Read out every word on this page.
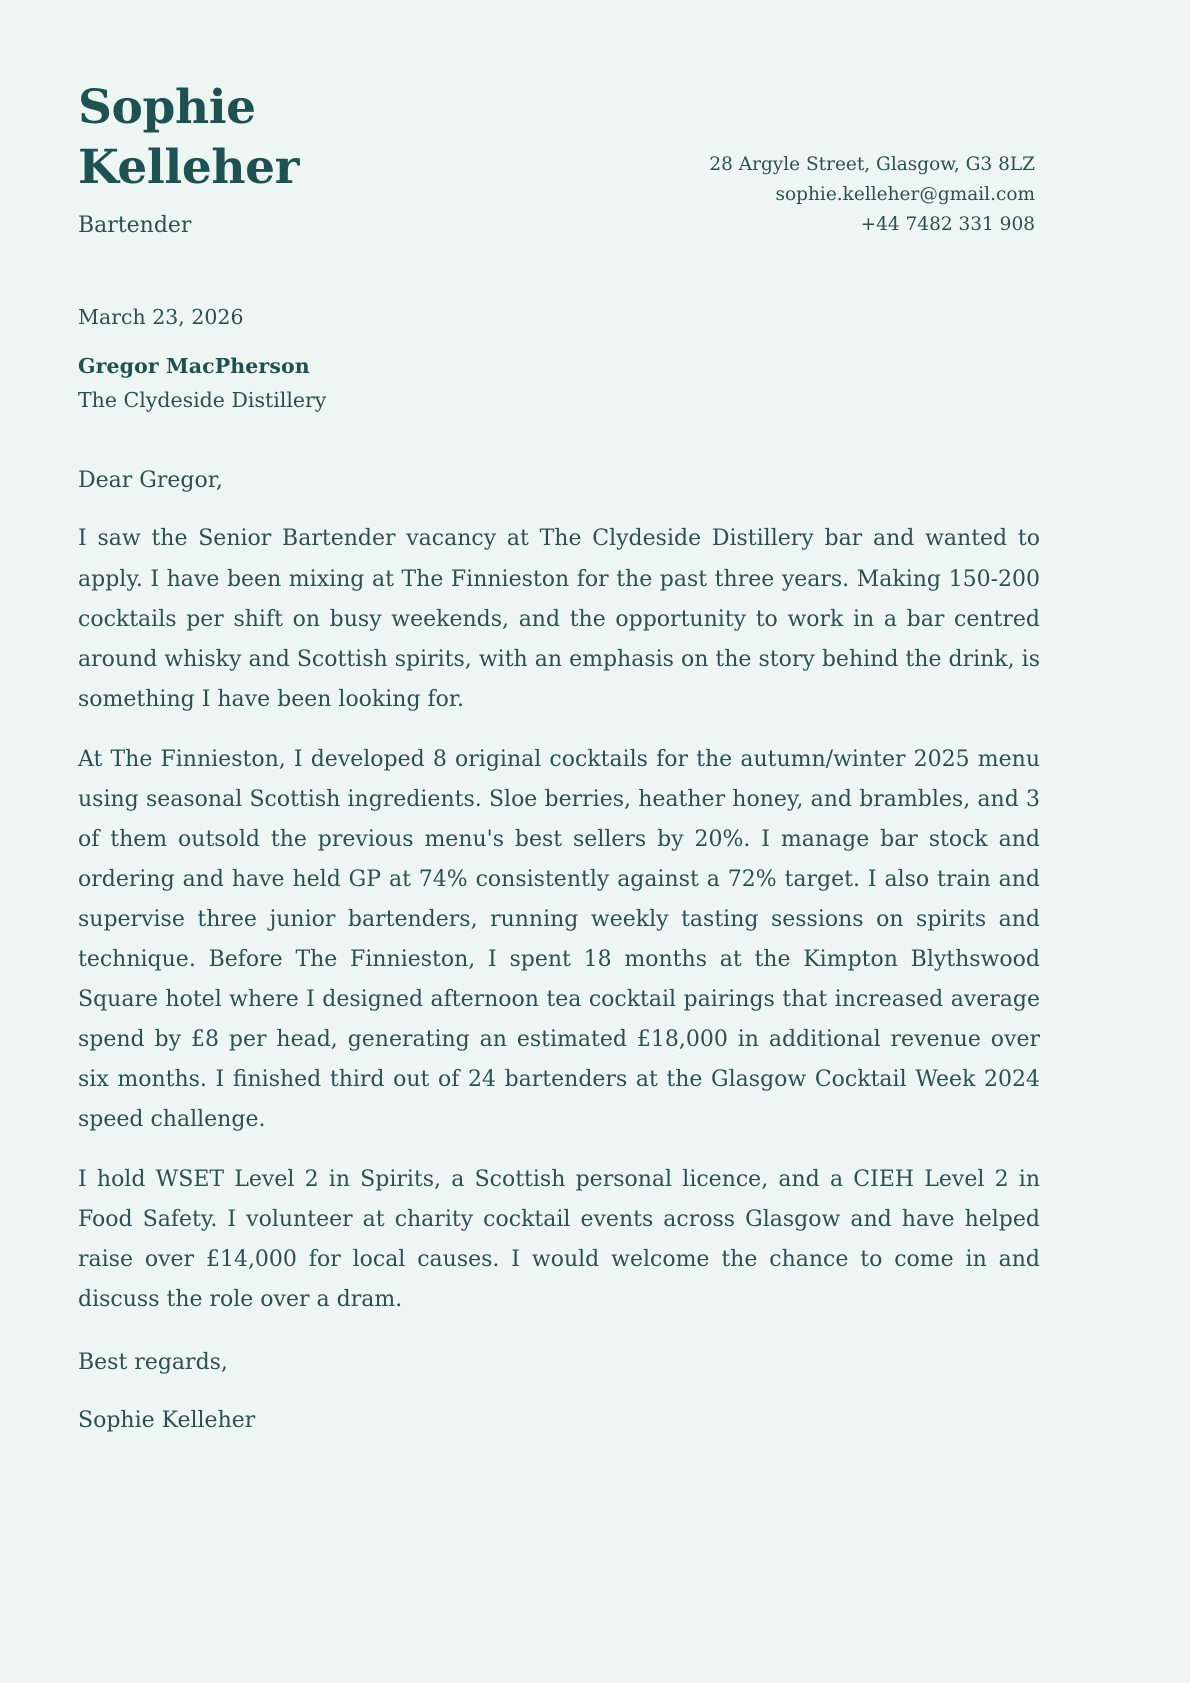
Sophie
Kelleher
Bartender
28 Argyle Street, Glasgow, G3 8LZ
sophie.kelleher@gmail.com
+44 7482 331 908
March 23, 2026
Gregor MacPherson
The Clydeside Distillery

Dear Gregor,

I saw the Senior Bartender vacancy at The Clydeside Distillery bar and wanted to apply. I have been mixing at The Finnieston for the past three years. Making 150-200 cocktails per shift on busy weekends, and the opportunity to work in a bar centred around whisky and Scottish spirits, with an emphasis on the story behind the drink, is something I have been looking for.

At The Finnieston, I developed 8 original cocktails for the autumn/winter 2025 menu using seasonal Scottish ingredients. Sloe berries, heather honey, and brambles, and 3 of them outsold the previous menu's best sellers by 20%. I manage bar stock and ordering and have held GP at 74% consistently against a 72% target. I also train and supervise three junior bartenders, running weekly tasting sessions on spirits and technique. Before The Finnieston, I spent 18 months at the Kimpton Blythswood Square hotel where I designed afternoon tea cocktail pairings that increased average spend by £8 per head, generating an estimated £18,000 in additional revenue over six months. I finished third out of 24 bartenders at the Glasgow Cocktail Week 2024 speed challenge.

I hold WSET Level 2 in Spirits, a Scottish personal licence, and a CIEH Level 2 in Food Safety. I volunteer at charity cocktail events across Glasgow and have helped raise over £14,000 for local causes. I would welcome the chance to come in and discuss the role over a dram.

Best regards,

Sophie Kelleher
